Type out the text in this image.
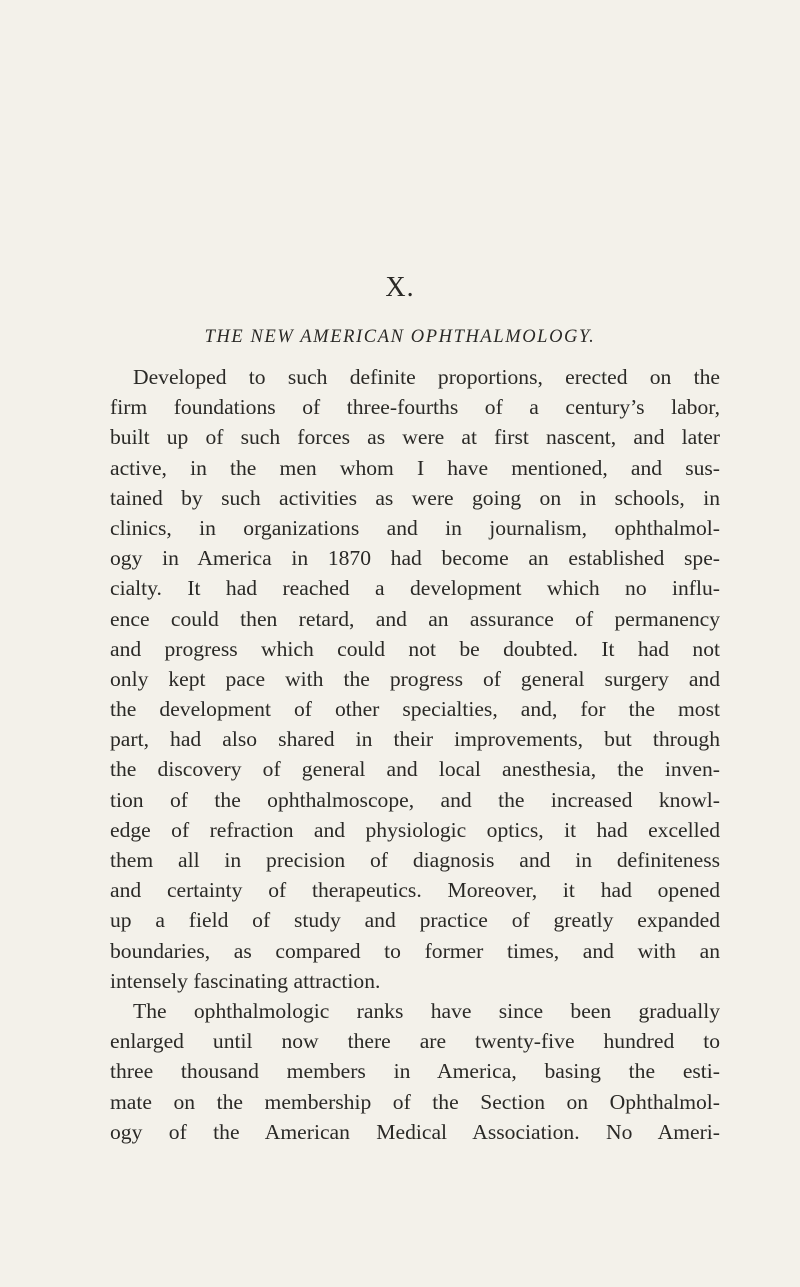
X.
THE NEW AMERICAN OPHTHALMOLOGY.

Developed to such definite proportions, erected on the
firm foundations of three-fourths of a century’s labor,
built up of such forces as were at first nascent, and later
active, in the men whom I have mentioned, and sus-
tained by such activities as were going on in schools, in
clinics, in organizations and in journalism, ophthalmol-
ogy in America in 1870 had become an established spe-
cialty. It had reached a development which no influ-
ence could then retard, and an assurance of permanency
and progress which could not be doubted. It had not
only kept pace with the progress of general surgery and
the development of other specialties, and, for the most
part, had also shared in their improvements, but through
the discovery of general and local anesthesia, the inven-
tion of the ophthalmoscope, and the increased knowl-
edge of refraction and physiologic optics, it had excelled
them all in precision of diagnosis and in definiteness
and certainty of therapeutics. Moreover, it had opened
up a field of study and practice of greatly expanded
boundaries, as compared to former times, and with an
intensely fascinating attraction.

The ophthalmologic ranks have since been gradually
enlarged until now there are twenty-five hundred to
three thousand members in America, basing the esti-
mate on the membership of the Section on Ophthalmol-
ogy of the American Medical Association. No Ameri-
